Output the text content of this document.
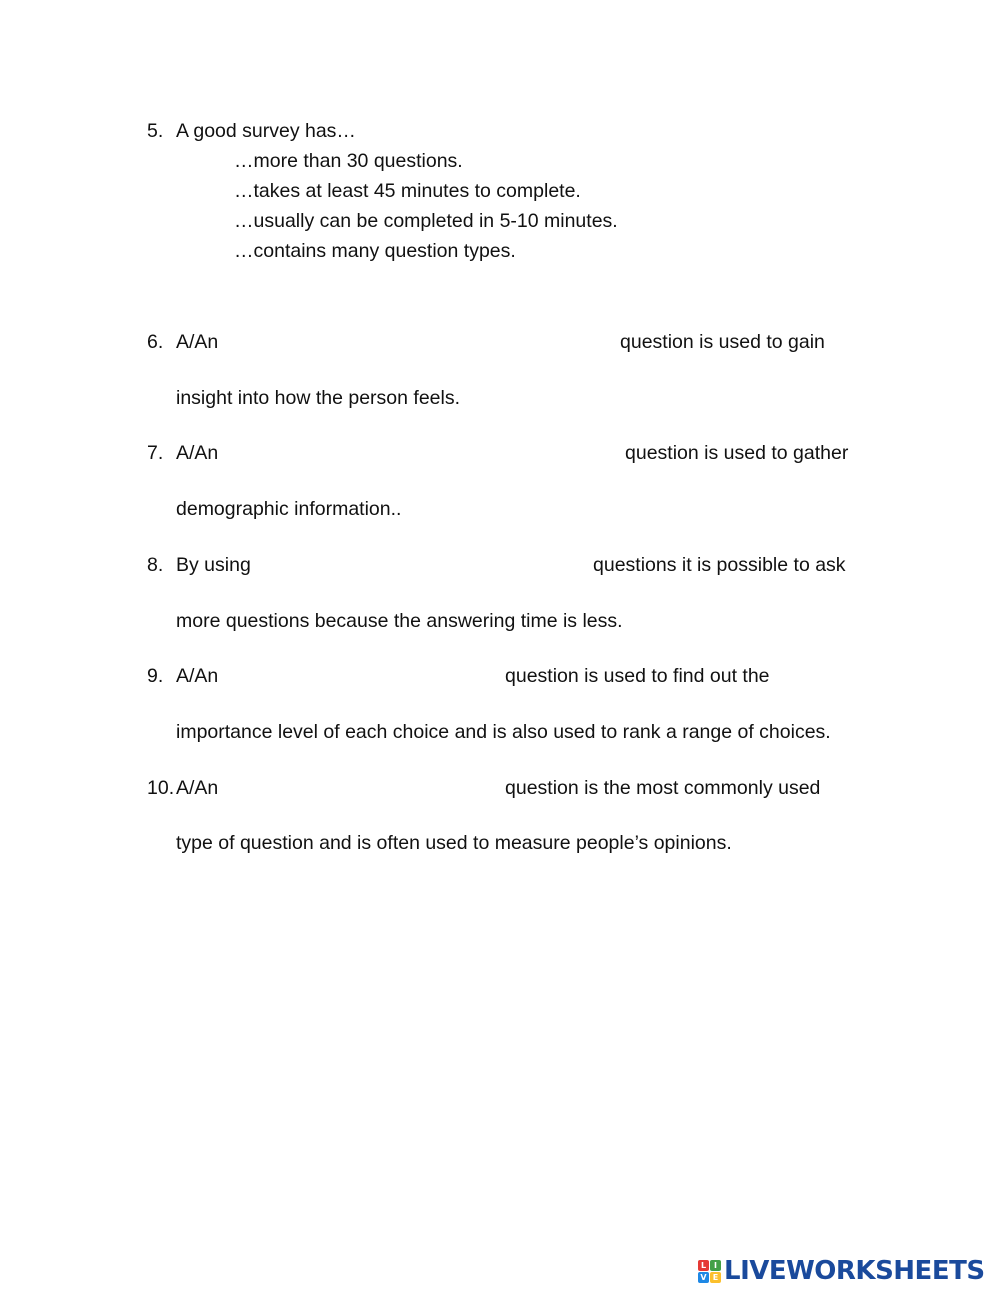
5. A good survey has…
…more than 30 questions.
…takes at least 45 minutes to complete.
…usually can be completed in 5-10 minutes.
…contains many question types.
6. A/An	question is used to gain
insight into how the person feels.
7. A/An	question is used to gather
demographic information..
8. By using	questions it is possible to ask
more questions because the answering time is less.
9. A/An	question is used to find out the
importance level of each choice and is also used to rank a range of choices.
10. A/An	question is the most commonly used
type of question and is often used to measure people’s opinions.
L I
V E LIVEWORKSHEETS
